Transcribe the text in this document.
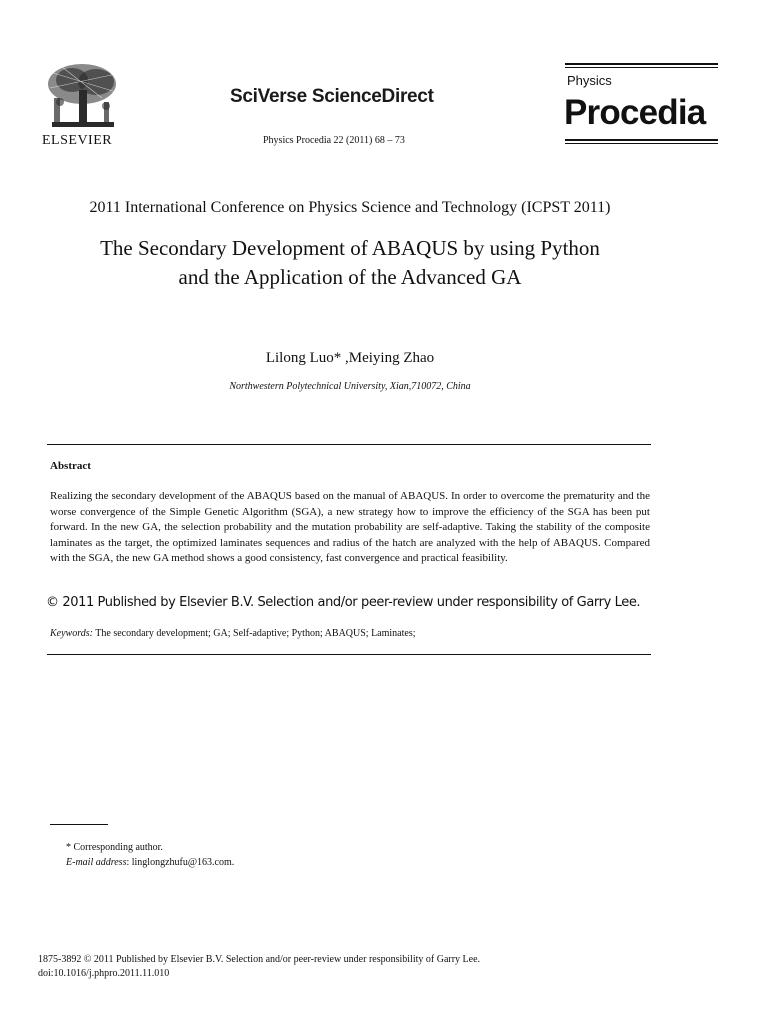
ELSEVIER
SciVerse ScienceDirect
Physics Procedia 22 (2011) 68 – 73
Physics
Procedia
2011 International Conference on Physics Science and Technology (ICPST 2011)
The Secondary Development of ABAQUS by using Python
and the Application of the Advanced GA
Lilong Luo* ,Meiying Zhao
Northwestern Polytechnical University, Xian,710072, China
Abstract
Realizing the secondary development of the ABAQUS based on the manual of ABAQUS. In order to overcome the prematurity and the worse convergence of the Simple Genetic Algorithm (SGA), a new strategy how to improve the efficiency of the SGA has been put forward. In the new GA, the selection probability and the mutation probability are self-adaptive. Taking the stability of the composite laminates as the target, the optimized laminates sequences and radius of the hatch are analyzed with the help of ABAQUS. Compared with the SGA, the new GA method shows a good consistency, fast convergence and practical feasibility.
© 2011 Published by Elsevier B.V. Selection and/or peer-review under responsibility of Garry Lee.
Keywords: The secondary development; GA; Self-adaptive; Python; ABAQUS; Laminates;
* Corresponding author.
E-mail address: linglongzhufu@163.com.
1875-3892 © 2011 Published by Elsevier B.V. Selection and/or peer-review under responsibility of Garry Lee.
doi:10.1016/j.phpro.2011.11.010
